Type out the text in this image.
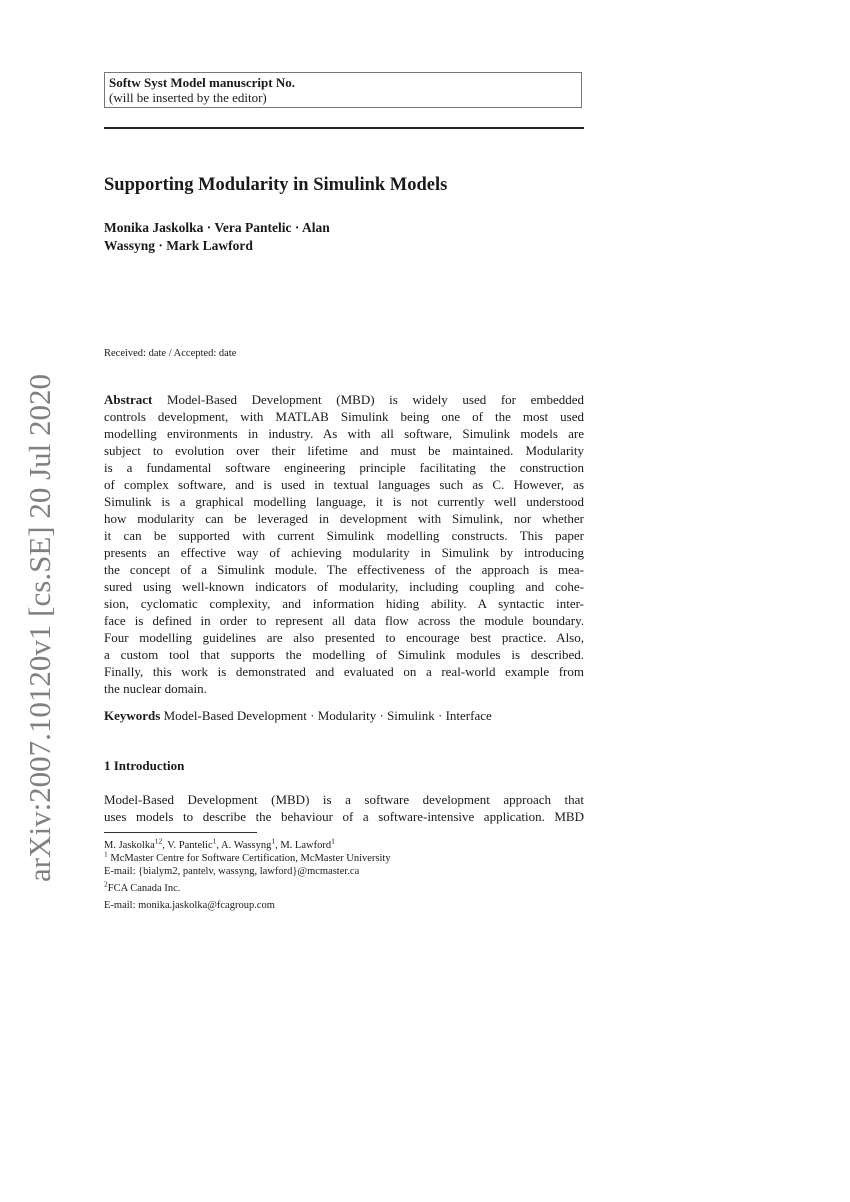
arXiv:2007.10120v1 [cs.SE] 20 Jul 2020
Softw Syst Model manuscript No.
(will be inserted by the editor)
Supporting Modularity in Simulink Models
Monika Jaskolka · Vera Pantelic · Alan
Wassyng · Mark Lawford
Received: date / Accepted: date
Abstract Model-Based Development (MBD) is widely used for embedded
controls development, with MATLAB Simulink being one of the most used
modelling environments in industry. As with all software, Simulink models are
subject to evolution over their lifetime and must be maintained. Modularity
is a fundamental software engineering principle facilitating the construction
of complex software, and is used in textual languages such as C. However, as
Simulink is a graphical modelling language, it is not currently well understood
how modularity can be leveraged in development with Simulink, nor whether
it can be supported with current Simulink modelling constructs. This paper
presents an effective way of achieving modularity in Simulink by introducing
the concept of a Simulink module. The effectiveness of the approach is mea-
sured using well-known indicators of modularity, including coupling and cohe-
sion, cyclomatic complexity, and information hiding ability. A syntactic inter-
face is defined in order to represent all data flow across the module boundary.
Four modelling guidelines are also presented to encourage best practice. Also,
a custom tool that supports the modelling of Simulink modules is described.
Finally, this work is demonstrated and evaluated on a real-world example from
the nuclear domain.
Keywords Model-Based Development · Modularity · Simulink · Interface
1 Introduction
Model-Based Development (MBD) is a software development approach that
uses models to describe the behaviour of a software-intensive application. MBD
M. Jaskolka$^{12}$, V. Pantelic$^1$, A. Wassyng$^1$, M. Lawford$^1$
$^1$ McMaster Centre for Software Certification, McMaster University
E-mail: {bialym2, pantelv, wassyng, lawford}@mcmaster.ca
$^2$FCA Canada Inc.
E-mail: monika.jaskolka@fcagroup.com
